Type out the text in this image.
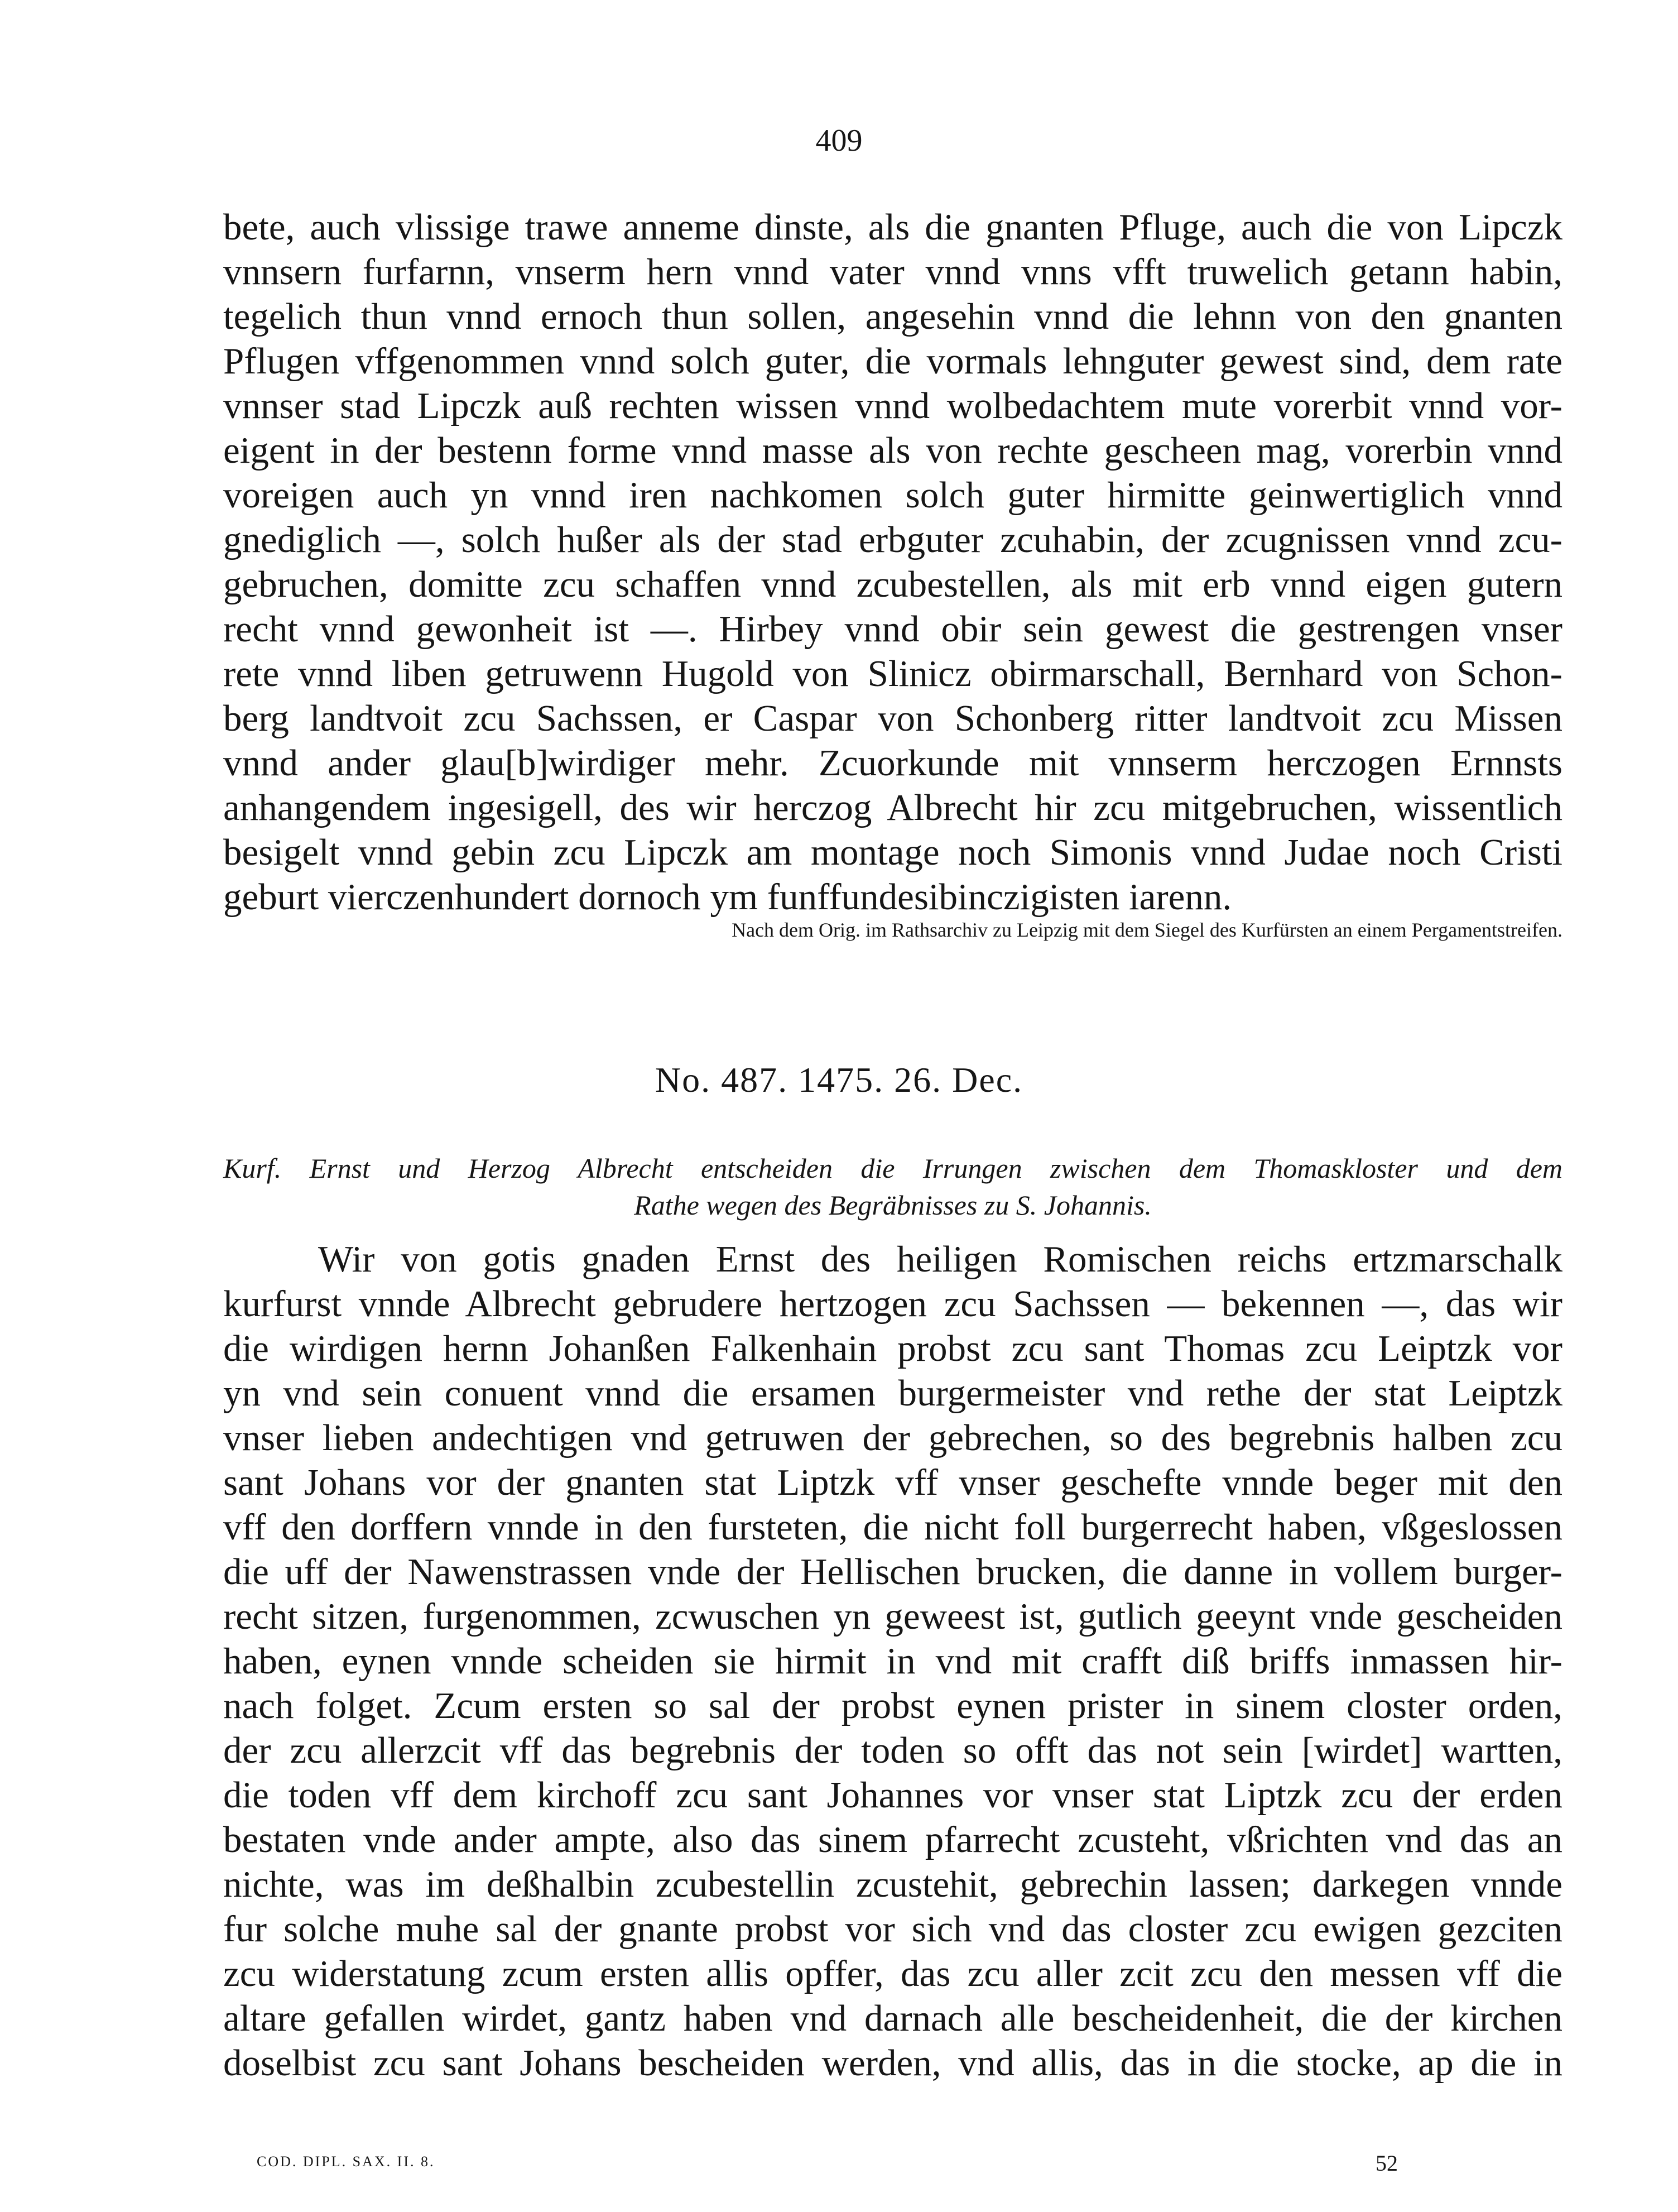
409
bete, auch vlissige trawe anneme dinste, als die gnanten Pfluge, auch die von Lipczk
vnnsern furfarnn, vnserm hern vnnd vater vnnd vnns vfft truwelich getann habin,
tegelich thun vnnd ernoch thun sollen, angesehin vnnd die lehnn von den gnanten
Pflugen vffgenommen vnnd solch guter, die vormals lehnguter gewest sind, dem rate
vnnser stad Lipczk auß rechten wissen vnnd wolbedachtem mute vorerbit vnnd vor-
eigent in der bestenn forme vnnd masse als von rechte gescheen mag, vorerbin vnnd
voreigen auch yn vnnd iren nachkomen solch guter hirmitte geinwertiglich vnnd
gnediglich —, solch hußer als der stad erbguter zcuhabin, der zcugnissen vnnd zcu-
gebruchen, domitte zcu schaffen vnnd zcubestellen, als mit erb vnnd eigen gutern
recht vnnd gewonheit ist —. Hirbey vnnd obir sein gewest die gestrengen vnser
rete vnnd liben getruwenn Hugold von Slinicz obirmarschall, Bernhard von Schon-
berg landtvoit zcu Sachssen, er Caspar von Schonberg ritter landtvoit zcu Missen
vnnd ander glau[b]wirdiger mehr. Zcuorkunde mit vnnserm herczogen Ernnsts
anhangendem ingesigell, des wir herczog Albrecht hir zcu mitgebruchen, wissentlich
besigelt vnnd gebin zcu Lipczk am montage noch Simonis vnnd Judae noch Cristi
geburt vierczenhundert dornoch ym funffundesibinczigisten iarenn.
Nach dem Orig. im Rathsarchiv zu Leipzig mit dem Siegel des Kurfürsten an einem Pergamentstreifen.
No. 487. 1475. 26. Dec.
Kurf. Ernst und Herzog Albrecht entscheiden die Irrungen zwischen dem Thomaskloster und dem
Rathe wegen des Begräbnisses zu S. Johannis.
Wir von gotis gnaden Ernst des heiligen Romischen reichs ertzmarschalk
kurfurst vnnde Albrecht gebrudere hertzogen zcu Sachssen — bekennen —, das wir
die wirdigen hernn Johanßen Falkenhain probst zcu sant Thomas zcu Leiptzk vor
yn vnd sein conuent vnnd die ersamen burgermeister vnd rethe der stat Leiptzk
vnser lieben andechtigen vnd getruwen der gebrechen, so des begrebnis halben zcu
sant Johans vor der gnanten stat Liptzk vff vnser geschefte vnnde beger mit den
vff den dorffern vnnde in den fursteten, die nicht foll burgerrecht haben, vßgeslossen
die uff der Nawenstrassen vnde der Hellischen brucken, die danne in vollem burger-
recht sitzen, furgenommen, zcwuschen yn geweest ist, gutlich geeynt vnde gescheiden
haben, eynen vnnde scheiden sie hirmit in vnd mit crafft diß briffs inmassen hir-
nach folget. Zcum ersten so sal der probst eynen prister in sinem closter orden,
der zcu allerzcit vff das begrebnis der toden so offt das not sein [wirdet] wartten,
die toden vff dem kirchoff zcu sant Johannes vor vnser stat Liptzk zcu der erden
bestaten vnde ander ampte, also das sinem pfarrecht zcusteht, vßrichten vnd das an
nichte, was im deßhalbin zcubestellin zcustehit, gebrechin lassen; darkegen vnnde
fur solche muhe sal der gnante probst vor sich vnd das closter zcu ewigen gezciten
zcu widerstatung zcum ersten allis opffer, das zcu aller zcit zcu den messen vff die
altare gefallen wirdet, gantz haben vnd darnach alle bescheidenheit, die der kirchen
doselbist zcu sant Johans bescheiden werden, vnd allis, das in die stocke, ap die in
COD. DIPL. SAX. II. 8.	52
